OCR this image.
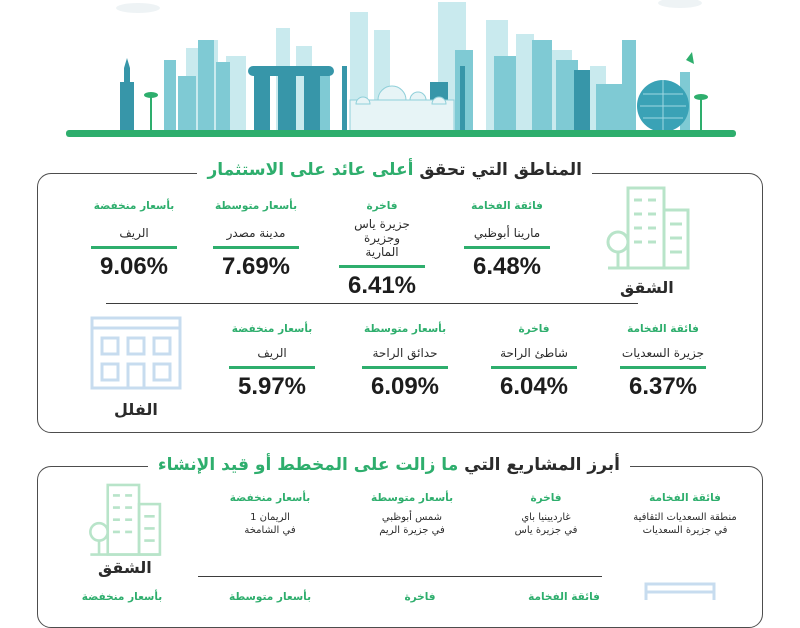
المناطق التي تحقق أعلى عائد على الاستثمار
الشقق
فائقة الفخامة
مارينا أبوظبي
6.48%
فاخرة
جزيرة ياس وجزيرة المارية
6.41%
بأسعار متوسطة
مدينة مصدر
7.69%
بأسعار منخفضة
الريف
9.06%
الفلل
فائقة الفخامة
جزيرة السعديات
6.37%
فاخرة
شاطئ الراحة
6.04%
بأسعار متوسطة
حدائق الراحة
6.09%
بأسعار منخفضة
الريف
5.97%
أبرز المشاريع التي ما زالت على المخطط أو قيد الإنشاء
الشقق
فائقة الفخامة
منطقة السعديات الثقافية
في جزيرة السعديات
فاخرة
غارديينيا باي
في جزيرة ياس
بأسعار متوسطة
شمس أبوظبي
في جزيرة الريم
بأسعار منخفضة
الريمان 1
في الشامخة
فائقة الفخامة
فاخرة
بأسعار متوسطة
بأسعار منخفضة
